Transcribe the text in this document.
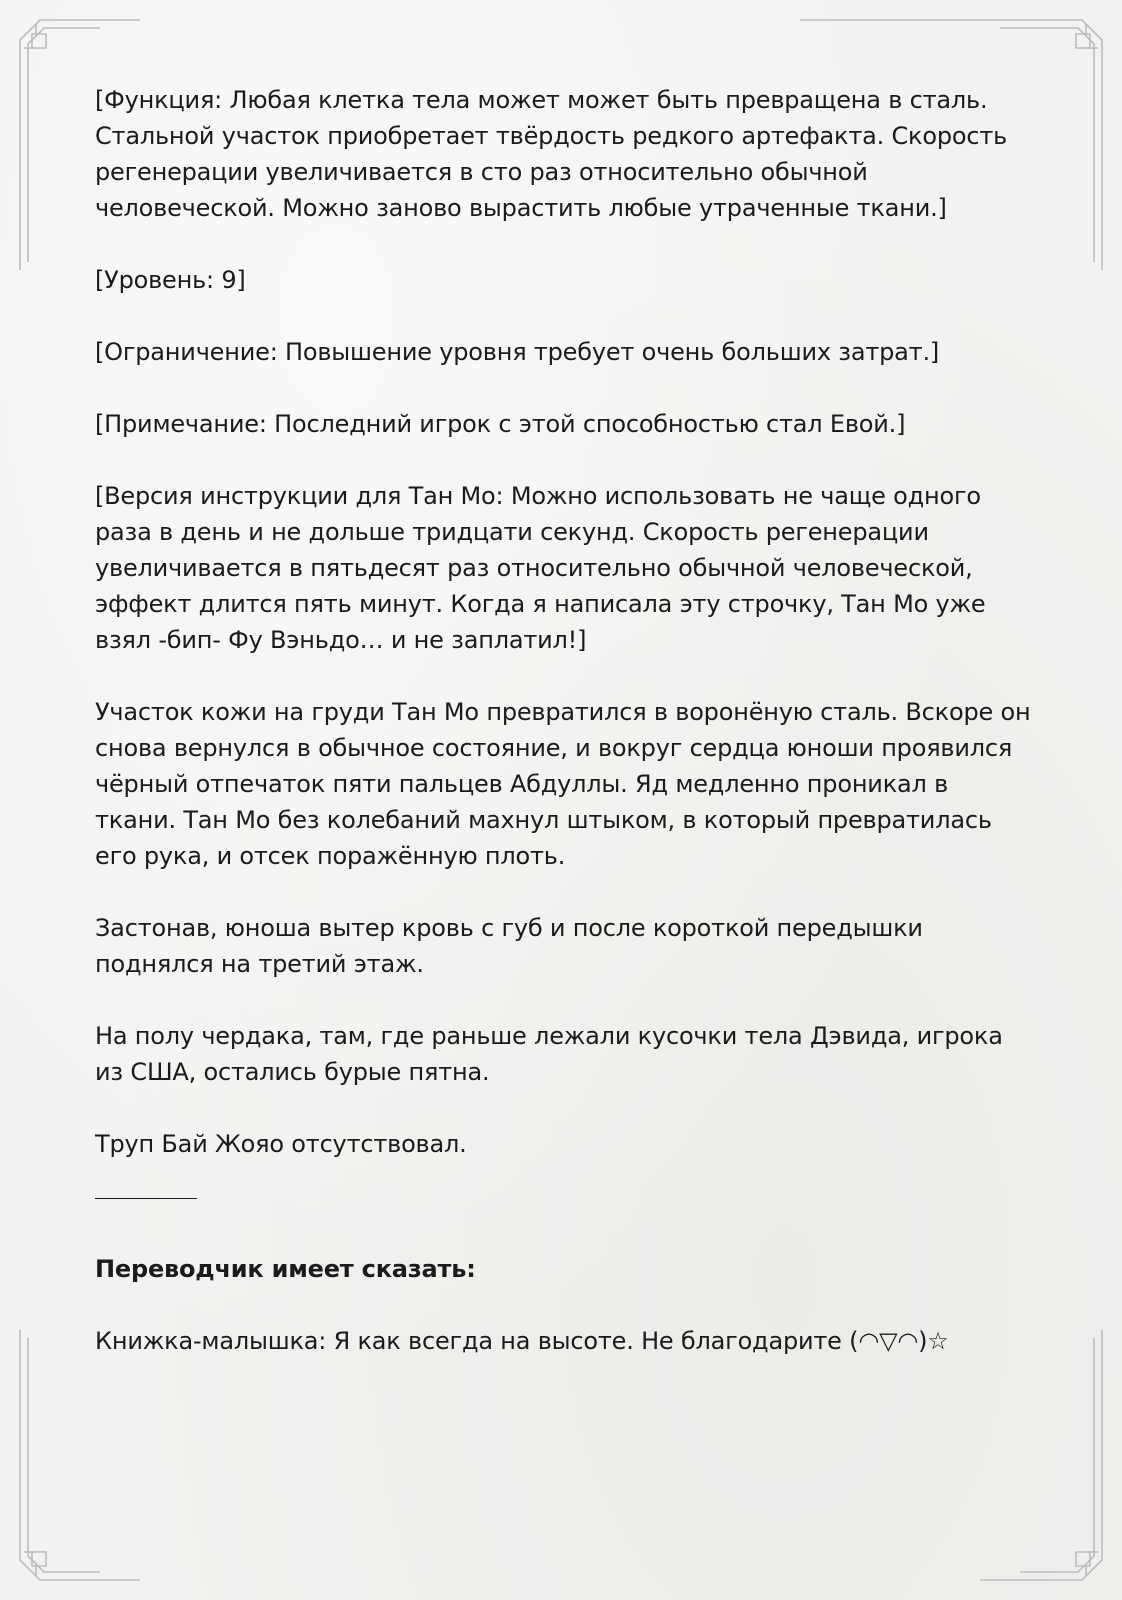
[Функция: Любая клетка тела может может быть превращена в сталь. Стальной участок приобретает твёрдость редкого артефакта. Скорость регенерации увеличивается в сто раз относительно обычной человеческой. Можно заново вырастить любые утраченные ткани.]

[Уровень: 9]

[Ограничение: Повышение уровня требует очень больших затрат.]

[Примечание: Последний игрок с этой способностью стал Евой.]

[Версия инструкции для Тан Мо: Можно использовать не чаще одного раза в день и не дольше тридцати секунд. Скорость регенерации увеличивается в пятьдесят раз относительно обычной человеческой, эффект длится пять минут. Когда я написала эту строчку, Тан Мо уже взял -бип- Фу Вэньдо… и не заплатил!]

Участок кожи на груди Тан Мо превратился в воронёную сталь. Вскоре он снова вернулся в обычное состояние, и вокруг сердца юноши проявился чёрный отпечаток пяти пальцев Абдуллы. Яд медленно проникал в ткани. Тан Мо без колебаний махнул штыком, в который превратилась его рука, и отсек поражённую плоть.

Застонав, юноша вытер кровь с губ и после короткой передышки поднялся на третий этаж.

На полу чердака, там, где раньше лежали кусочки тела Дэвида, игрока из США, остались бурые пятна.

Труп Бай Жояо отсутствовал.

Переводчик имеет сказать:

Книжка-малышка: Я как всегда на высоте. Не благодарите (◠▽◠)☆
